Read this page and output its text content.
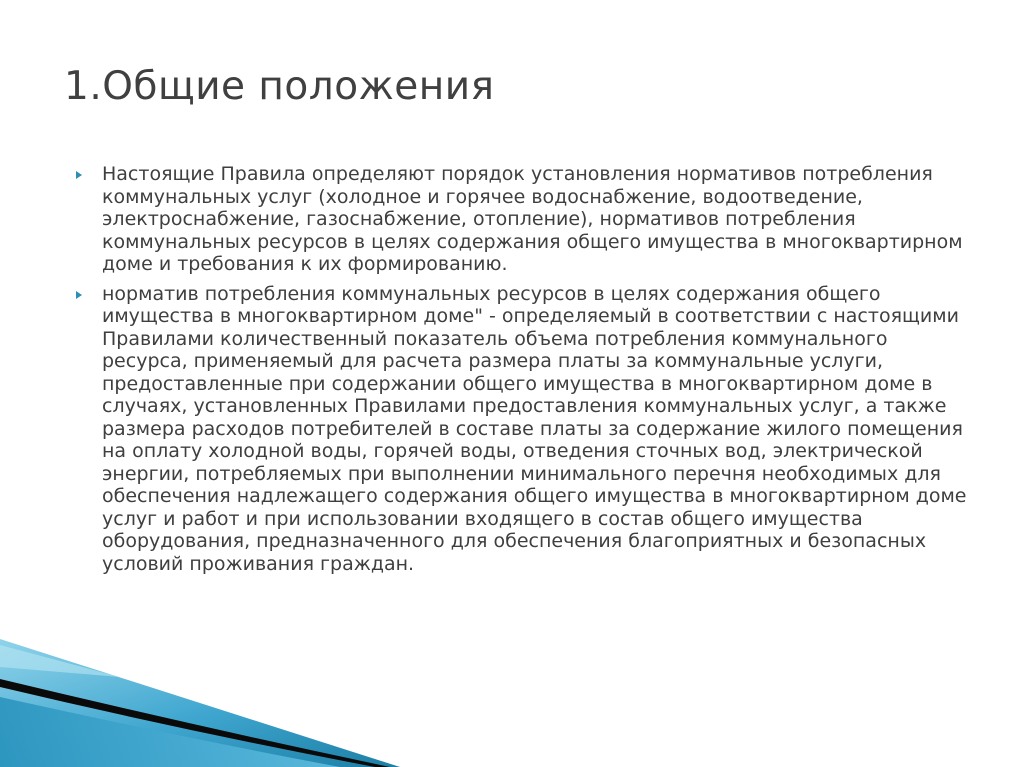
1.Общие положения
Настоящие Правила определяют порядок установления нормативов потребления коммунальных услуг (холодное и горячее водоснабжение, водоотведение, электроснабжение, газоснабжение, отопление), нормативов потребления коммунальных ресурсов в целях содержания общего имущества в многоквартирном доме и требования к их формированию.
норматив потребления коммунальных ресурсов в целях содержания общего имущества в многоквартирном доме" - определяемый в соответствии с настоящими Правилами количественный показатель объема потребления коммунального ресурса, применяемый для расчета размера платы за коммунальные услуги, предоставленные при содержании общего имущества в многоквартирном доме в случаях, установленных Правилами предоставления коммунальных услуг, а также размера расходов потребителей в составе платы за содержание жилого помещения на оплату холодной воды, горячей воды, отведения сточных вод, электрической энергии, потребляемых при выполнении минимального перечня необходимых для обеспечения надлежащего содержания общего имущества в многоквартирном доме услуг и работ и при использовании входящего в состав общего имущества оборудования, предназначенного для обеспечения благоприятных и безопасных условий проживания граждан.
